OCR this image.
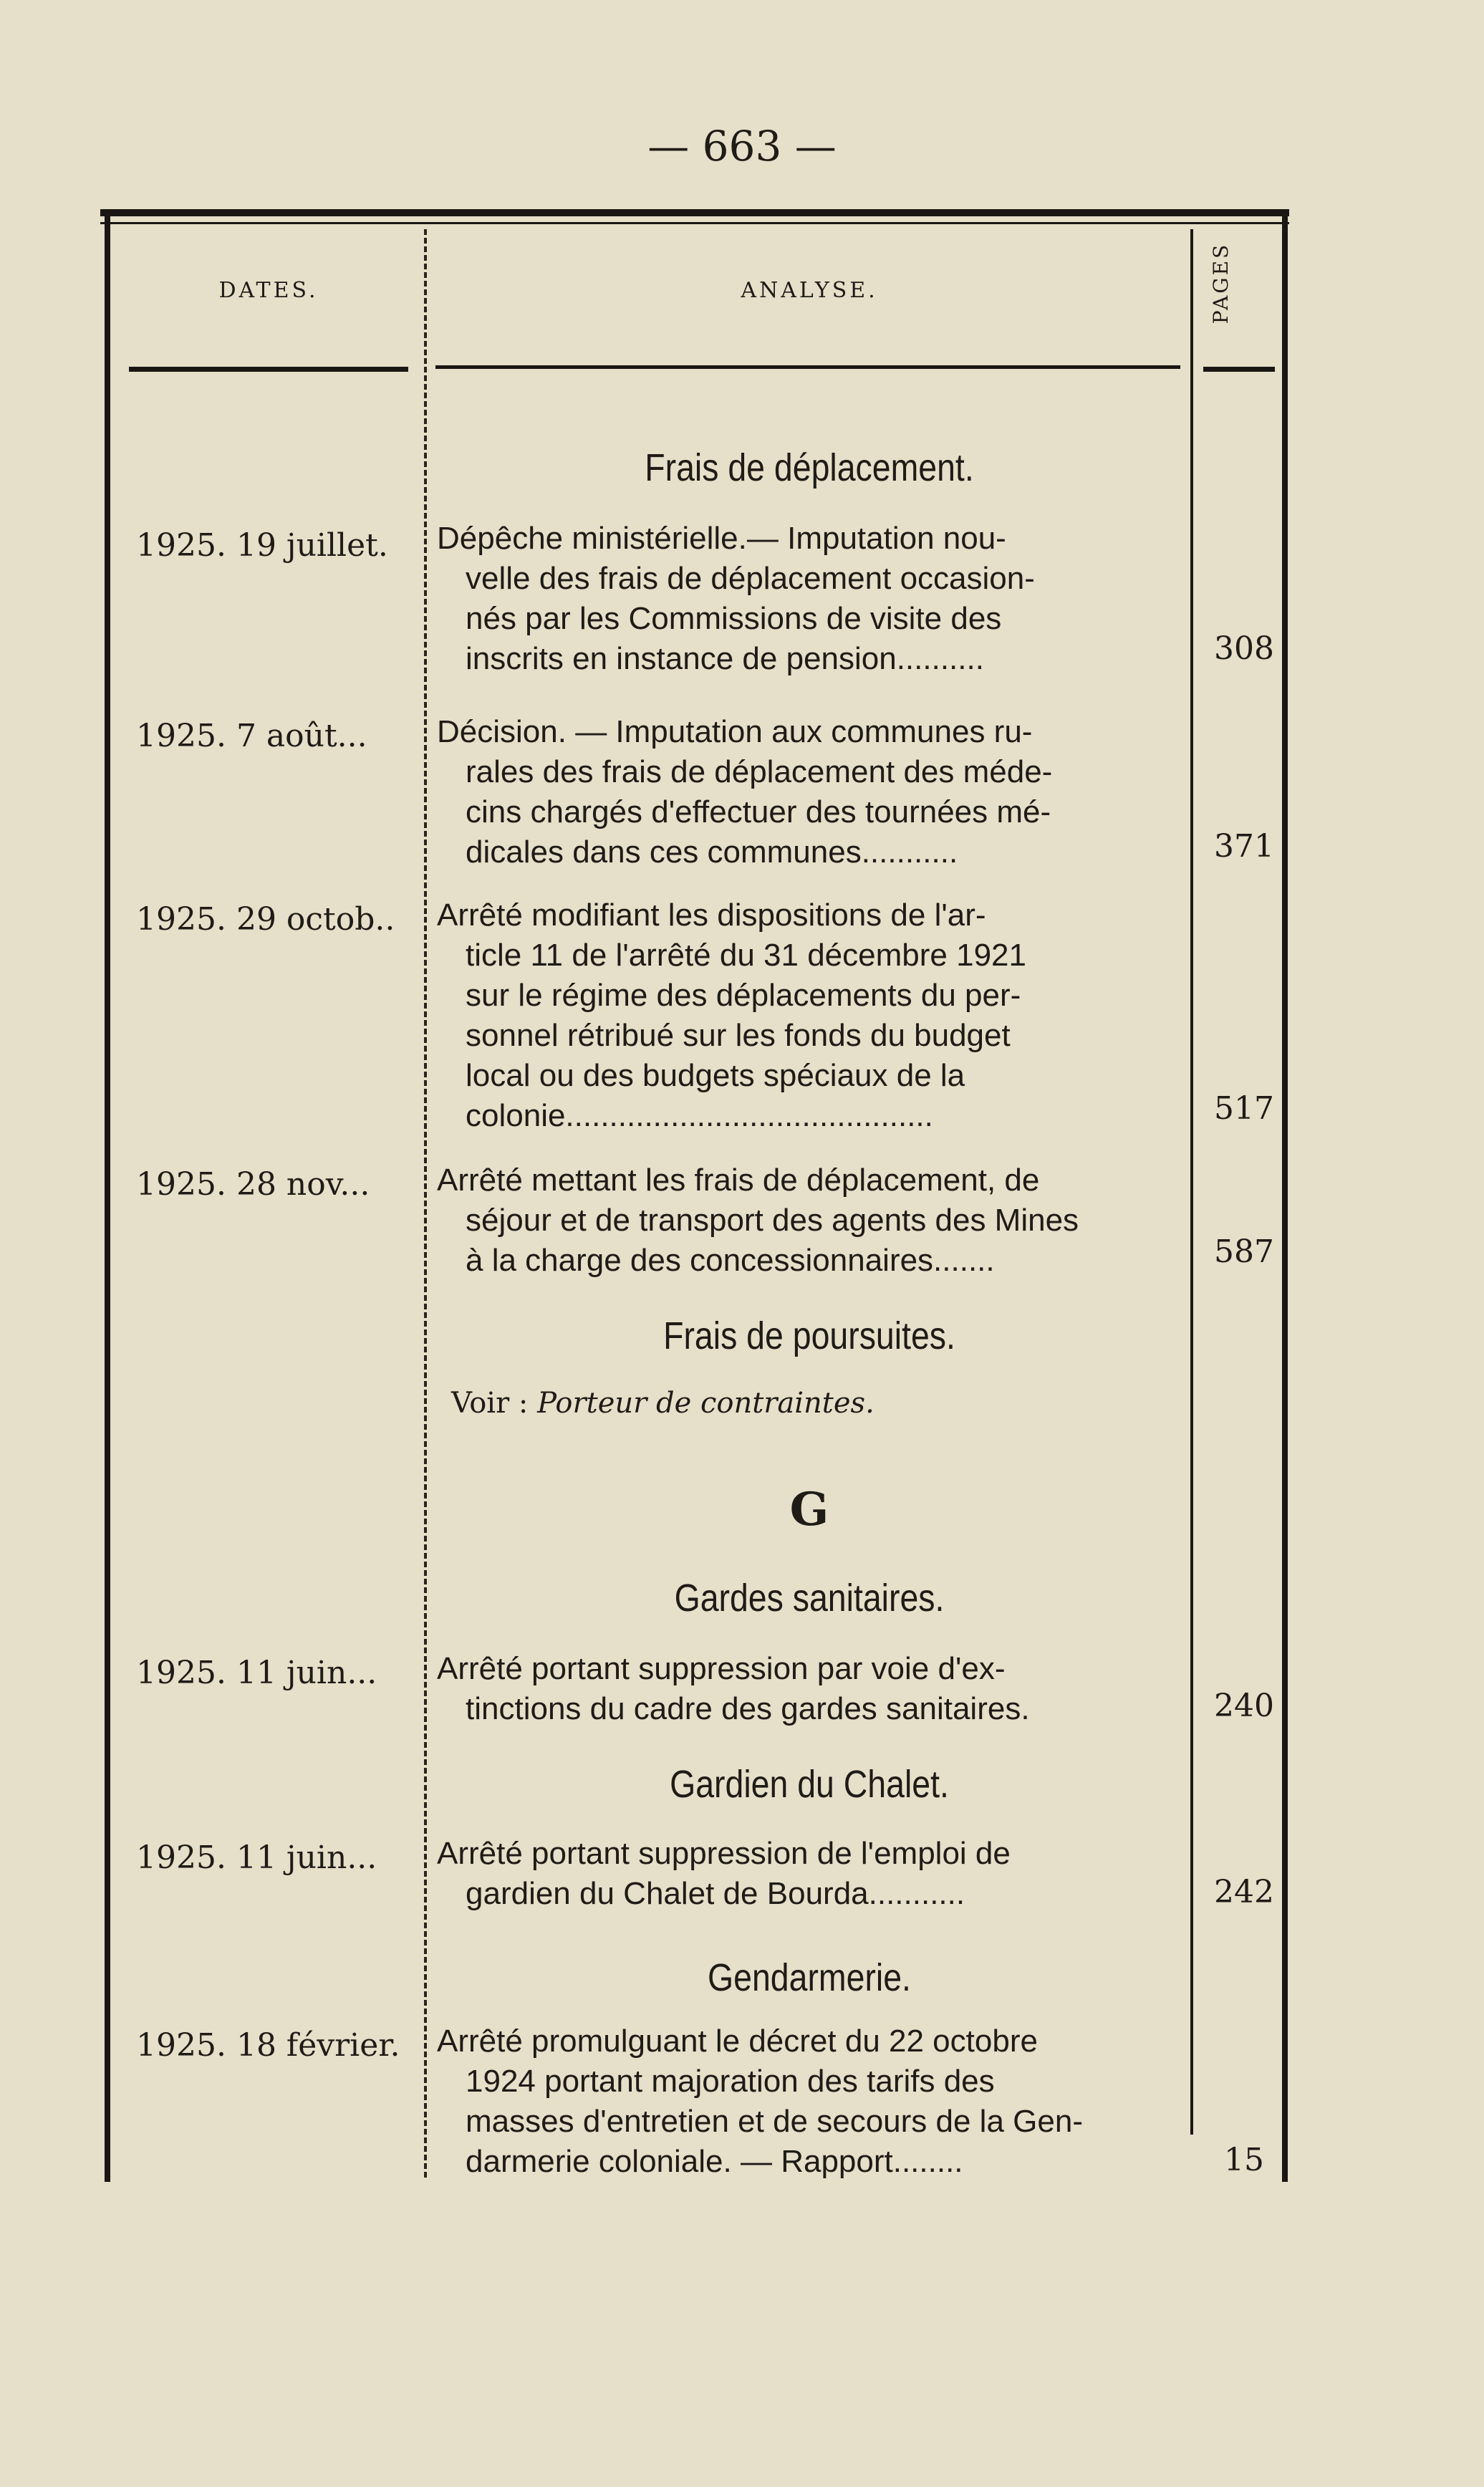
— 663 —
DATES.	ANALYSE.	PAGES
Frais de déplacement.
1925. 19 juillet.	Dépêche ministérielle.— Imputation nou-
velle des frais de déplacement occasion-
nés par les Commissions de visite des
inscrits en instance de pension..........	308
1925. 7 août...	Décision. — Imputation aux communes ru-
rales des frais de déplacement des méde-
cins chargés d'effectuer des tournées mé-
dicales dans ces communes...........	371
1925. 29 octob..	Arrêté modifiant les dispositions de l'ar-
ticle 11 de l'arrêté du 31 décembre 1921
sur le régime des déplacements du per-
sonnel rétribué sur les fonds du budget
local ou des budgets spéciaux de la
colonie..........................................	517
1925. 28 nov...	Arrêté mettant les frais de déplacement, de
séjour et de transport des agents des Mines
à la charge des concessionnaires.......	587
Frais de poursuites.
Voir : Porteur de contraintes.
G
Gardes sanitaires.
1925. 11 juin...	Arrêté portant suppression par voie d'ex-
tinctions du cadre des gardes sanitaires.	240
Gardien du Chalet.
1925. 11 juin...	Arrêté portant suppression de l'emploi de
gardien du Chalet de Bourda...........	242
Gendarmerie.
1925. 18 février.	Arrêté promulguant le décret du 22 octobre
1924 portant majoration des tarifs des
masses d'entretien et de secours de la Gen-
darmerie coloniale. — Rapport........	15
